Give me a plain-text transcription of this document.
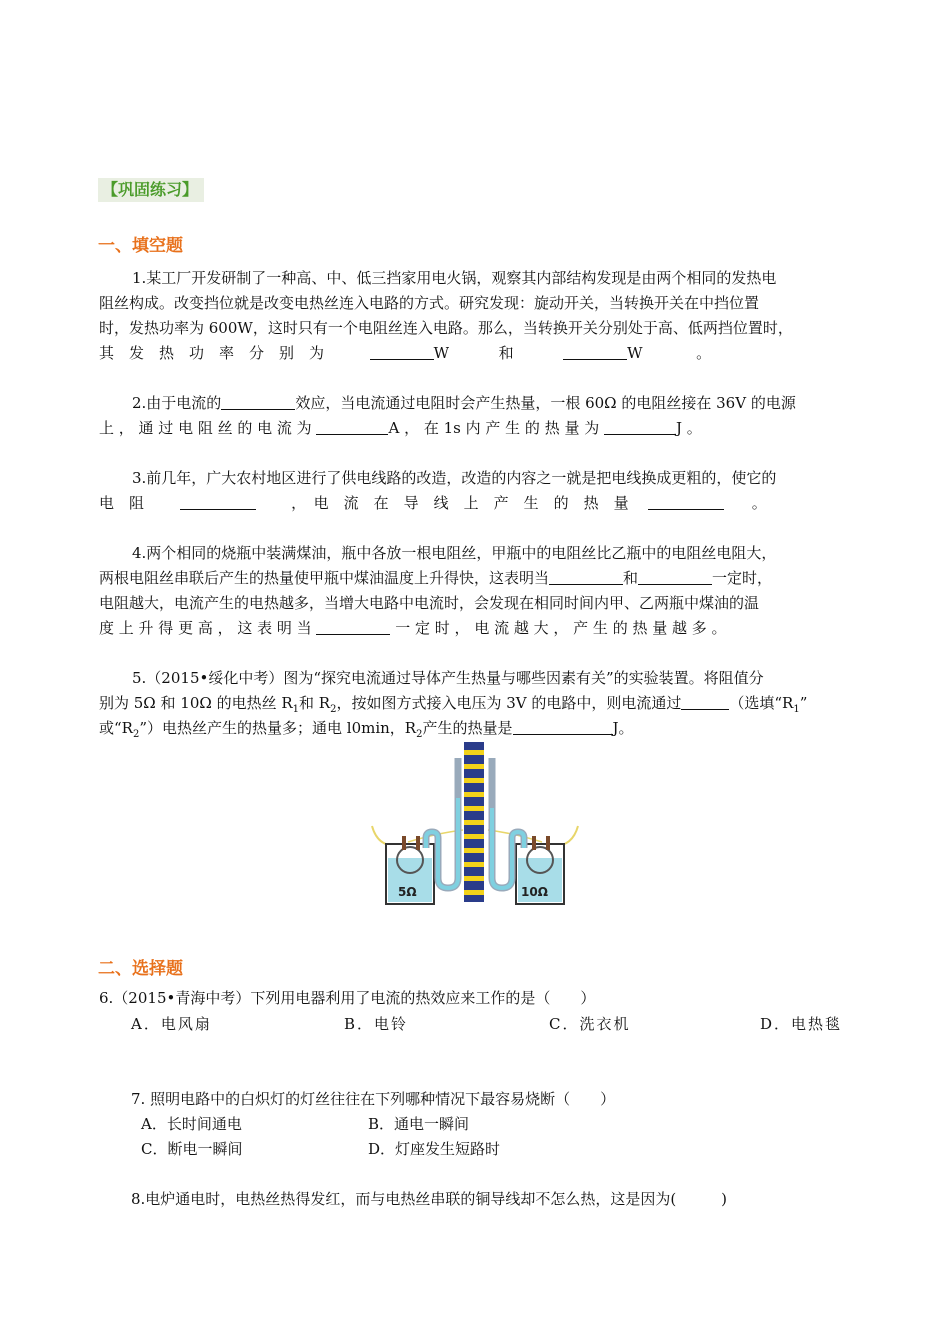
【巩固练习】
一、填空题
1.某工厂开发研制了一种高、中、低三挡家用电火锅，观察其内部结构发现是由两个相同的发热电
阻丝构成。改变挡位就是改变电热丝连入电路的方式。研究发现：旋动开关，当转换开关在中挡位置
时，发热功率为 600W，这时只有一个电阻丝连入电路。那么，当转换开关分别处于高、低两挡位置时，
其　发　热　功　率　分　别　为	W	和	W	。
2.由于电流的	效应，当电流通过电阻时会产生热量，一根 60Ω 的电阻丝接在 36V 的电源
上 ， 通 过 电 阻 丝 的 电 流 为	A ， 在 1s 内 产 生 的 热 量 为	J 。
3.前几年，广大农村地区进行了供电线路的改造，改造的内容之一就是把电线换成更粗的，使它的
电　阻	，　电　流　在　导　线　上　产　生　的　热　量	。
4.两个相同的烧瓶中装满煤油，瓶中各放一根电阻丝，甲瓶中的电阻丝比乙瓶中的电阻丝电阻大，
两根电阻丝串联后产生的热量使甲瓶中煤油温度上升得快，这表明当	和	一定时，
电阻越大，电流产生的电热越多，当增大电路中电流时，会发现在相同时间内甲、乙两瓶中煤油的温
度 上 升 得 更 高 ， 这 表 明 当	一 定 时 ， 电 流 越 大 ， 产 生 的 热 量 越 多 。
5.（2015•绥化中考）图为“探究电流通过导体产生热量与哪些因素有关”的实验装置。将阻值分
别为 5Ω 和 10Ω 的电热丝 $R_1$和 $R_2$，按如图方式接入电压为 3V 的电路中，则电流通过	（选填“$R_1$”
或“$R_2$”）电热丝产生的热量多；通电 l0min，$R_2$产生的热量是	J。
5Ω	10Ω
二、选择题
6.（2015•青海中考）下列用电器利用了电流的热效应来工作的是（　　）
A．电风扇	B．电铃	C．洗衣机	D．电热毯
7. 照明电路中的白炽灯的灯丝往往在下列哪种情况下最容易烧断（　　）
A．长时间通电	B．通电一瞬间
C．断电一瞬间	D．灯座发生短路时
8.电炉通电时，电热丝热得发红，而与电热丝串联的铜导线却不怎么热，这是因为(　　　)
